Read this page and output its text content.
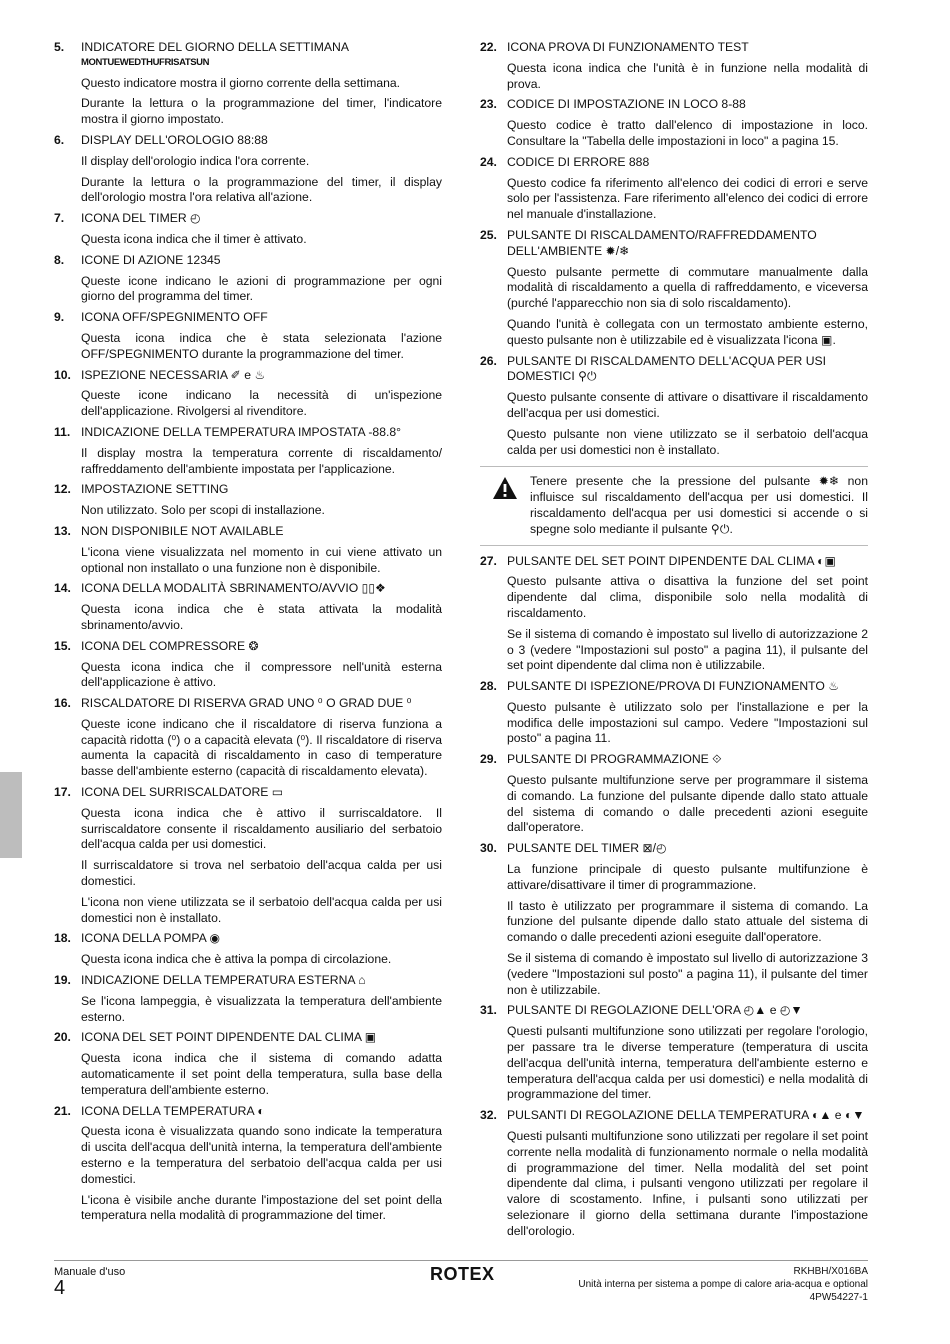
5.	INDICATORE DEL GIORNO DELLA SETTIMANA
MONTUEWEDTHUFRISATSUN
Questo indicatore mostra il giorno corrente della settimana.
Durante la lettura o la programmazione del timer, l'indicatore mostra il giorno impostato.
6.	DISPLAY DELL'OROLOGIO 88:88
Il display dell'orologio indica l'ora corrente.
Durante la lettura o la programmazione del timer, il display dell'orologio mostra l'ora relativa all'azione.
7.	ICONA DEL TIMER ◴
Questa icona indica che il timer è attivato.
8.	ICONE DI AZIONE 12345
Queste icone indicano le azioni di programmazione per ogni giorno del programma del timer.
9.	ICONA OFF/SPEGNIMENTO OFF
Questa icona indica che è stata selezionata l'azione OFF/SPEGNIMENTO durante la programmazione del timer.
10. ISPEZIONE NECESSARIA ✐ e ♨
Queste icone indicano la necessità di un'ispezione dell'applicazione. Rivolgersi al rivenditore.
11. INDICAZIONE DELLA TEMPERATURA IMPOSTATA -88.8°
Il display mostra la temperatura corrente di riscaldamento/ raffreddamento dell'ambiente impostata per l'applicazione.
12. IMPOSTAZIONE SETTING
Non utilizzato. Solo per scopi di installazione.
13. NON DISPONIBILE NOT AVAILABLE
L'icona viene visualizzata nel momento in cui viene attivato un optional non installato o una funzione non è disponibile.
14. ICONA DELLA MODALITÀ SBRINAMENTO/AVVIO ▯▯❖
Questa icona indica che è stata attivata la modalità sbrinamento/avvio.
15. ICONA DEL COMPRESSORE ❂
Questa icona indica che il compressore nell'unità esterna dell'applicazione è attivo.
16. RISCALDATORE DI RISERVA GRAD UNO ⁰ O GRAD DUE ⁰
Queste icone indicano che il riscaldatore di riserva funziona a capacità ridotta (⁰) o a capacità elevata (⁰). Il riscaldatore di riserva aumenta la capacità di riscaldamento in caso di temperature basse dell'ambiente esterno (capacità di riscaldamento elevata).
17. ICONA DEL SURRISCALDATORE ▭
Questa icona indica che è attivo il surriscaldatore. Il surriscaldatore consente il riscaldamento ausiliario del serbatoio dell'acqua calda per usi domestici.
Il surriscaldatore si trova nel serbatoio dell'acqua calda per usi domestici.
L'icona non viene utilizzata se il serbatoio dell'acqua calda per usi domestici non è installato.
18. ICONA DELLA POMPA ◉
Questa icona indica che è attiva la pompa di circolazione.
19. INDICAZIONE DELLA TEMPERATURA ESTERNA ⌂
Se l'icona lampeggia, è visualizzata la temperatura dell'ambiente esterno.
20. ICONA DEL SET POINT DIPENDENTE DAL CLIMA ▣
Questa icona indica che il sistema di comando adatta automaticamente il set point della temperatura, sulla base della temperatura dell'ambiente esterno.
21. ICONA DELLA TEMPERATURA ◐
Questa icona è visualizzata quando sono indicate la temperatura di uscita dell'acqua dell'unità interna, la temperatura dell'ambiente esterno e la temperatura del serbatoio dell'acqua calda per usi domestici.
L'icona è visibile anche durante l'impostazione del set point della temperatura nella modalità di programmazione del timer.
22. ICONA PROVA DI FUNZIONAMENTO TEST
Questa icona indica che l'unità è in funzione nella modalità di prova.
23. CODICE DI IMPOSTAZIONE IN LOCO 8-88
Questo codice è tratto dall'elenco di impostazione in loco. Consultare la "Tabella delle impostazioni in loco" a pagina 15.
24. CODICE DI ERRORE 888
Questo codice fa riferimento all'elenco dei codici di errori e serve solo per l'assistenza. Fare riferimento all'elenco dei codici di errore nel manuale d'installazione.
25. PULSANTE DI RISCALDAMENTO/RAFFREDDAMENTO DELL'AMBIENTE ✹/❄
Questo pulsante permette di commutare manualmente dalla modalità di riscaldamento a quella di raffreddamento, e viceversa (purché l'apparecchio non sia di solo riscaldamento).
Quando l'unità è collegata con un termostato ambiente esterno, questo pulsante non è utilizzabile ed è visualizzata l'icona ▣.
26. PULSANTE DI RISCALDAMENTO DELL'ACQUA PER USI DOMESTICI ⚲⏻
Questo pulsante consente di attivare o disattivare il riscaldamento dell'acqua per usi domestici.
Questo pulsante non viene utilizzato se il serbatoio dell'acqua calda per usi domestici non è installato.
Tenere presente che la pressione del pulsante ✹❄ non influisce sul riscaldamento dell'acqua per usi domestici. Il riscaldamento dell'acqua per usi domestici si accende o si spegne solo mediante il pulsante ⚲⏻.
27. PULSANTE DEL SET POINT DIPENDENTE DAL CLIMA ◐▣
Questo pulsante attiva o disattiva la funzione del set point dipendente dal clima, disponibile solo nella modalità di riscaldamento.
Se il sistema di comando è impostato sul livello di autorizzazione 2 o 3 (vedere "Impostazioni sul posto" a pagina 11), il pulsante del set point dipendente dal clima non è utilizzabile.
28. PULSANTE DI ISPEZIONE/PROVA DI FUNZIONAMENTO ♨
Questo pulsante è utilizzato solo per l'installazione e per la modifica delle impostazioni sul campo. Vedere "Impostazioni sul posto" a pagina 11.
29. PULSANTE DI PROGRAMMAZIONE ⟐
Questo pulsante multifunzione serve per programmare il sistema di comando. La funzione del pulsante dipende dallo stato attuale del sistema di comando o dalle precedenti azioni eseguite dall'operatore.
30. PULSANTE DEL TIMER ⊠/◴
La funzione principale di questo pulsante multifunzione è attivare/disattivare il timer di programmazione.
Il tasto è utilizzato per programmare il sistema di comando. La funzione del pulsante dipende dallo stato attuale del sistema di comando o dalle precedenti azioni eseguite dall'operatore.
Se il sistema di comando è impostato sul livello di autorizzazione 3 (vedere "Impostazioni sul posto" a pagina 11), il pulsante del timer non è utilizzabile.
31. PULSANTE DI REGOLAZIONE DELL'ORA ◴▲ e ◴▼
Questi pulsanti multifunzione sono utilizzati per regolare l'orologio, per passare tra le diverse temperature (temperatura di uscita dell'acqua dell'unità interna, temperatura dell'ambiente esterno e temperatura dell'acqua calda per usi domestici) e nella modalità di programmazione del timer.
32. PULSANTI DI REGOLAZIONE DELLA TEMPERATURA ◐▲ e ◐▼
Questi pulsanti multifunzione sono utilizzati per regolare il set point corrente nella modalità di funzionamento normale o nella modalità di programmazione del timer. Nella modalità del set point dipendente dal clima, i pulsanti vengono utilizzati per regolare il valore di scostamento. Infine, i pulsanti sono utilizzati per selezionare il giorno della settimana durante l'impostazione dell'orologio.
Manuale d'uso
4
ROTEX	RKHBH/X016BA
Unità interna per sistema a pompe di calore aria-acqua e optional
4PW54227-1
